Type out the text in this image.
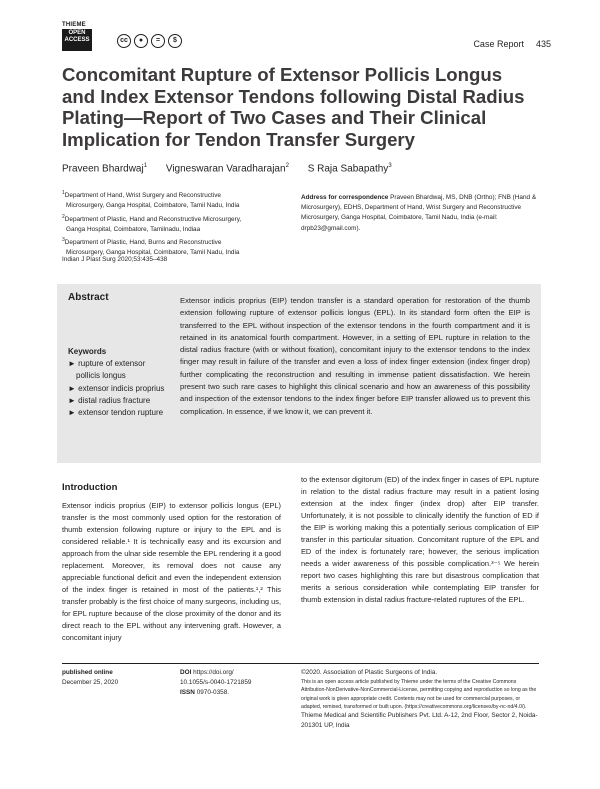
THIEME
OPEN
ACCESS	cc	●	=	$	Case Report 435
Concomitant Rupture of Extensor Pollicis Longus and Index Extensor Tendons following Distal Radius Plating—Report of Two Cases and Their Clinical Implication for Tendon Transfer Surgery
Praveen Bhardwaj$^1$ Vigneswaran Varadharajan$^2$ S Raja Sabapathy$^3$

$^1$Department of Hand, Wrist Surgery and Reconstructive
Microsurgery, Ganga Hospital, Coimbatore, Tamil Nadu, India

$^2$Department of Plastic, Hand and Reconstructive Microsurgery,
Ganga Hospital, Coimbatore, Tamilnadu, Indiaa

$^3$Department of Plastic, Hand, Burns and Reconstructive
Microsurgery, Ganga Hospital, Coimbatore, Tamil Nadu, India

Address for correspondence Praveen Bhardwaj, MS, DNB (Ortho); FNB (Hand & Microsurgery), EDHS, Department of Hand, Wrist Surgery and Reconstructive Microsurgery, Ganga Hospital, Coimbatore, Tamil Nadu, India (e-mail: drpb23@gmail.com).
Indian J Plast Surg 2020;53:435–438
Abstract
Keywords
► rupture of extensor pollicis longus
► extensor indicis proprius
► distal radius fracture
► extensor tendon rupture
Extensor indicis proprius (EIP) tendon transfer is a standard operation for restoration of the thumb extension following rupture of extensor pollicis longus (EPL). In its standard form often the EIP is transferred to the EPL without inspection of the extensor tendons in the fourth compartment and it is retained in its anatomical fourth compartment. However, in a setting of EPL rupture in relation to the distal radius fracture (with or without fixation), concomitant injury to the extensor tendons to the index finger may result in failure of the transfer and even a loss of index finger extension (index finger drop) further complicating the reconstruction and resulting in immense patient dissatisfaction. We herein present two such rare cases to highlight this clinical scenario and how an awareness of this possibility and inspection of the extensor tendons to the index finger before EIP transfer allowed us to prevent this complication. In essence, if we know it, we can prevent it.
Introduction
Extensor indicis proprius (EIP) to extensor pollicis longus (EPL) transfer is the most commonly used option for the restoration of thumb extension following rupture or injury to the EPL and is considered reliable.¹ It is technically easy and its excursion and approach from the ulnar side resemble the EPL rendering it a good replacement. Moreover, its removal does not cause any appreciable functional deficit and even the independent extension of the index finger is retained in most of the patients.¹,² This transfer probably is the first choice of many surgeons, including us, for EPL rupture because of the close proximity of the donor and its direct reach to the EPL without any intervening graft. However, a concomitant injury
to the extensor digitorum (ED) of the index finger in cases of EPL rupture in relation to the distal radius fracture may result in a patient losing extension at the index finger (index drop) after EIP transfer. Unfortunately, it is not possible to clinically identify the function of ED if the EIP is working making this a potentially serious complication of EIP transfer in this particular situation. Concomitant rupture of the EPL and ED of the index is fortunately rare; however, the serious implication needs a wider awareness of this possible complication.³⁻⁵ We herein report two cases highlighting this rare but disastrous complication that merits a serious consideration while contemplating EIP transfer for thumb extension in distal radius fracture-related ruptures of the EPL.
published online
December 25, 2020
DOI https://doi.org/
10.1055/s-0040-1721859
ISSN 0970-0358.
©2020. Association of Plastic Surgeons of India.
This is an open access article published by Thieme under the terms of the Creative Commons Attribution-NonDerivative-NonCommercial-License, permitting copying and reproduction so long as the original work is given appropriate credit. Contents may not be used for commercial purposes, or adapted, remixed, transformed or built upon. (https://creativecommons.org/licenses/by-nc-nd/4.0/).
Thieme Medical and Scientific Publishers Pvt. Ltd. A-12, 2nd Floor, Sector 2, Noida-201301 UP, India
